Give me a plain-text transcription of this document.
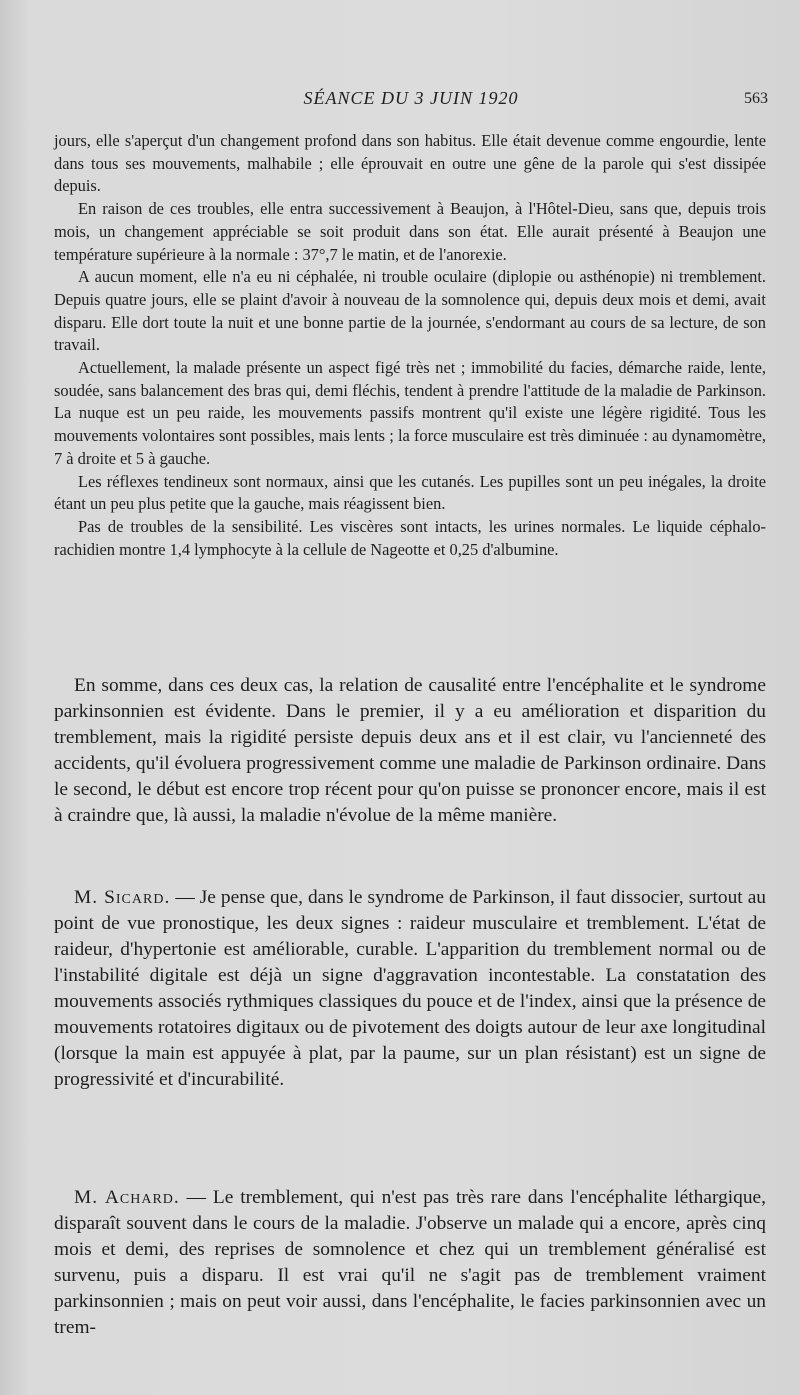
SÉANCE DU 3 JUIN 1920	563

jours, elle s'aperçut d'un changement profond dans son habitus. Elle était devenue comme engourdie, lente dans tous ses mouvements, malhabile ; elle éprouvait en outre une gêne de la parole qui s'est dissipée depuis.

En raison de ces troubles, elle entra successivement à Beaujon, à l'Hôtel-Dieu, sans que, depuis trois mois, un changement appréciable se soit produit dans son état. Elle aurait présenté à Beaujon une température supérieure à la normale : 37°,7 le matin, et de l'anorexie.

A aucun moment, elle n'a eu ni céphalée, ni trouble oculaire (diplopie ou asthénopie) ni tremblement. Depuis quatre jours, elle se plaint d'avoir à nouveau de la somnolence qui, depuis deux mois et demi, avait disparu. Elle dort toute la nuit et une bonne partie de la journée, s'endormant au cours de sa lecture, de son travail.

Actuellement, la malade présente un aspect figé très net ; immobilité du facies, démarche raide, lente, soudée, sans balancement des bras qui, demi fléchis, tendent à prendre l'attitude de la maladie de Parkinson. La nuque est un peu raide, les mouvements passifs montrent qu'il existe une légère rigidité. Tous les mouvements volontaires sont possibles, mais lents ; la force musculaire est très diminuée : au dynamomètre, 7 à droite et 5 à gauche.

Les réflexes tendineux sont normaux, ainsi que les cutanés. Les pupilles sont un peu inégales, la droite étant un peu plus petite que la gauche, mais réagissent bien.

Pas de troubles de la sensibilité. Les viscères sont intacts, les urines normales. Le liquide céphalo-rachidien montre 1,4 lymphocyte à la cellule de Nageotte et 0,25 d'albumine.

En somme, dans ces deux cas, la relation de causalité entre l'encéphalite et le syndrome parkinsonnien est évidente. Dans le premier, il y a eu amélioration et disparition du tremblement, mais la rigidité persiste depuis deux ans et il est clair, vu l'ancienneté des accidents, qu'il évoluera progressivement comme une maladie de Parkinson ordinaire. Dans le second, le début est encore trop récent pour qu'on puisse se prononcer encore, mais il est à craindre que, là aussi, la maladie n'évolue de la même manière.

M. Sicard. — Je pense que, dans le syndrome de Parkinson, il faut dissocier, surtout au point de vue pronostique, les deux signes : raideur musculaire et tremblement. L'état de raideur, d'hypertonie est améliorable, curable. L'apparition du tremblement normal ou de l'instabilité digitale est déjà un signe d'aggravation incontestable. La constatation des mouvements associés rythmiques classiques du pouce et de l'index, ainsi que la présence de mouvements rotatoires digitaux ou de pivotement des doigts autour de leur axe longitudinal (lorsque la main est appuyée à plat, par la paume, sur un plan résistant) est un signe de progressivité et d'incurabilité.

M. Achard. — Le tremblement, qui n'est pas très rare dans l'encéphalite léthargique, disparaît souvent dans le cours de la maladie. J'observe un malade qui a encore, après cinq mois et demi, des reprises de somnolence et chez qui un tremblement généralisé est survenu, puis a disparu. Il est vrai qu'il ne s'agit pas de tremblement vraiment parkinsonnien ; mais on peut voir aussi, dans l'encéphalite, le facies parkinsonnien avec un trem-
